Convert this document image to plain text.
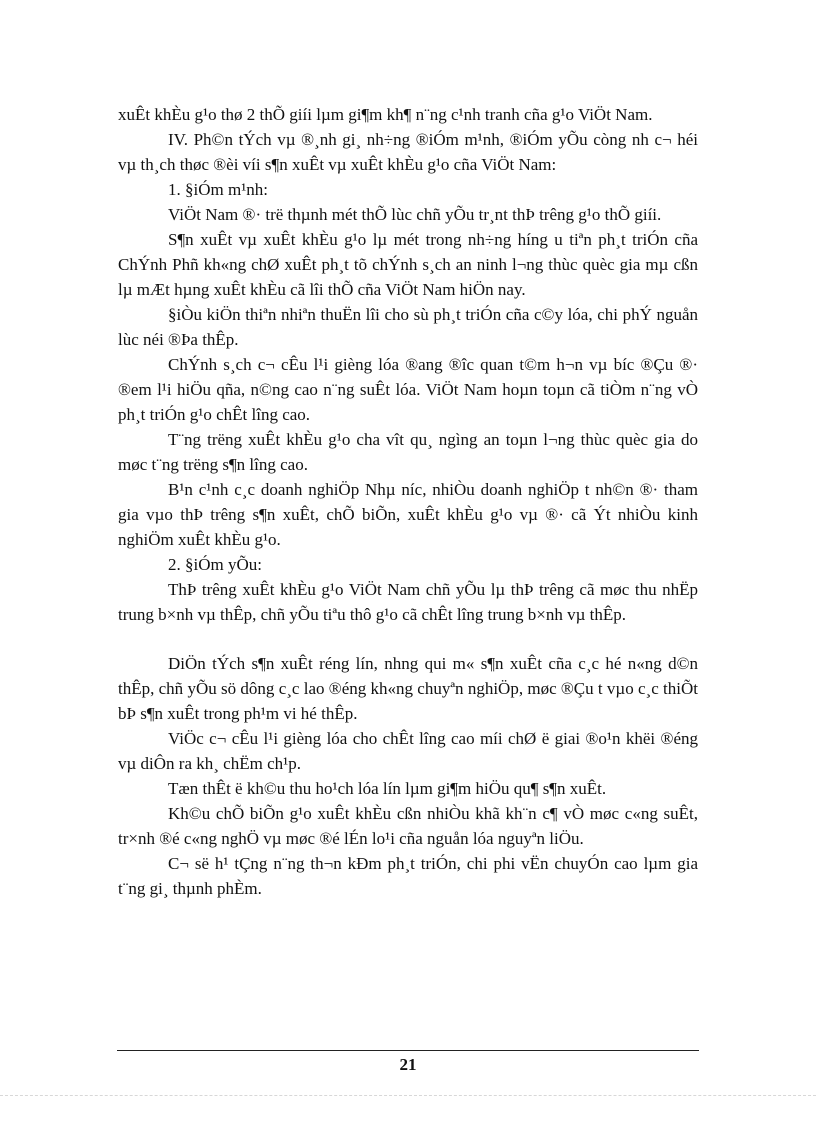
xuÊt khÈu g¹o thø 2 thÕ giíi lµm gi¶m kh¶ n¨ng c¹nh tranh cña g¹o ViÖt Nam.

IV. Ph©n tÝch vµ ®¸nh gi¸ nh÷ng ®iÓm m¹nh, ®iÓm yÕu còng nh c¬ héi vµ th¸ch thøc ®èi víi s¶n xuÊt vµ xuÊt khÈu g¹o cña ViÖt Nam:

1. §iÓm m¹nh:

ViÖt Nam ®· trë thµnh mét thÕ lùc chñ yÕu tr¸nt thÞ trêng g¹o thÕ giíi.

S¶n xuÊt vµ xuÊt khÈu g¹o lµ mét trong nh÷ng híng u tiªn ph¸t triÓn cña ChÝnh Phñ kh«ng chØ xuÊt ph¸t tõ chÝnh s¸ch an ninh l¬ng thùc quèc gia mµ cßn lµ mÆt hµng xuÊt khÈu cã lîi thÕ cña ViÖt Nam hiÖn nay.

§iÒu kiÖn thiªn nhiªn thuËn lîi cho sù ph¸t triÓn cña c©y lóa, chi phÝ nguån lùc néi ®Þa thÊp.

ChÝnh s¸ch c¬ cÊu l¹i gièng lóa ®ang ®îc quan t©m h¬n vµ bíc ®Çu ®· ®em l¹i hiÖu qña, n©ng cao n¨ng suÊt lóa. ViÖt Nam hoµn toµn cã tiÒm n¨ng vÒ ph¸t triÓn g¹o chÊt lîng cao.

T¨ng trëng xuÊt khÈu g¹o cha vît qu¸ ngìng an toµn l¬ng thùc quèc gia do møc t¨ng trëng s¶n lîng cao.

B¹n c¹nh c¸c doanh nghiÖp Nhµ níc, nhiÒu doanh nghiÖp t nh©n ®· tham gia vµo thÞ trêng s¶n xuÊt, chÕ biÕn, xuÊt khÈu g¹o vµ ®· cã Ýt nhiÒu kinh nghiÖm xuÊt khÈu g¹o.

2. §iÓm yÕu:

ThÞ trêng xuÊt khÈu g¹o ViÖt Nam chñ yÕu lµ thÞ trêng cã møc thu nhËp trung b×nh vµ thÊp, chñ yÕu tiªu thô g¹o cã chÊt lîng trung b×nh vµ thÊp.

DiÖn tÝch s¶n xuÊt réng lín, nhng qui m« s¶n xuÊt cña c¸c hé n«ng d©n thÊp, chñ yÕu sö dông c¸c lao ®éng kh«ng chuyªn nghiÖp, møc ®Çu t vµo c¸c thiÕt bÞ s¶n xuÊt trong ph¹m vi hé thÊp.

ViÖc c¬ cÊu l¹i gièng lóa cho chÊt lîng cao míi chØ ë giai ®o¹n khëi ®éng vµ diÔn ra kh¸ chËm ch¹p.

Tæn thÊt ë kh©u thu ho¹ch lóa lín lµm gi¶m hiÖu qu¶ s¶n xuÊt.

Kh©u chÕ biÕn g¹o xuÊt khÈu cßn nhiÒu khã kh¨n c¶ vÒ møc c«ng suÊt, tr×nh ®é c«ng nghÖ vµ møc ®é lÉn lo¹i cña nguån lóa nguyªn liÖu.

C¬ së h¹ tÇng n¨ng th¬n kÐm ph¸t triÓn, chi phi vËn chuyÓn cao lµm gia t¨ng gi¸ thµnh phÈm.

21
